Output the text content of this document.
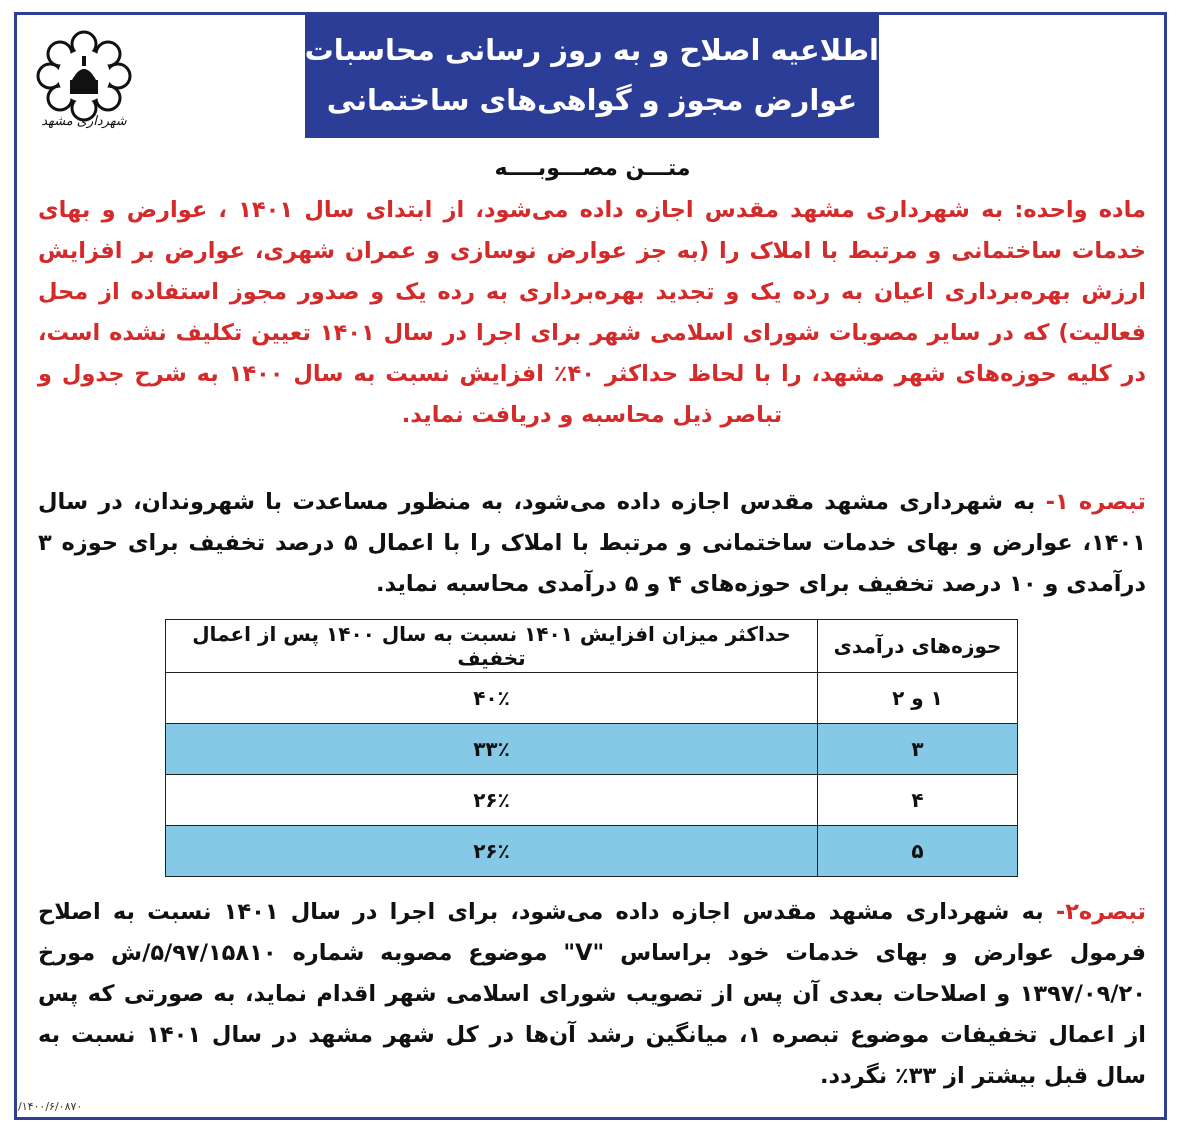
شهرداری مشهد
اطلاعیه اصلاح و به روز رسانی محاسبات
عوارض مجوز و گواهی‌های ساختمانی
متـــن مصـــوبــــه
ماده واحده: به شهرداری مشهد مقدس اجازه داده می‌شود، از ابتدای سال ۱۴۰۱ ، عوارض و بهای خدمات ساختمانی و مرتبط با املاک را (به جز عوارض نوسازی و عمران شهری، عوارض بر افزایش ارزش بهره‌برداری اعیان به رده یک و تجدید بهره‌برداری به رده یک و صدور مجوز استفاده از محل فعالیت) که در سایر مصوبات شورای اسلامی شهر برای اجرا در سال ۱۴۰۱ تعیین تکلیف نشده است، در کلیه حوزه‌های شهر مشهد، را با لحاظ حداکثر ۴۰٪ افزایش نسبت به سال ۱۴۰۰ به شرح جدول و تباصر ذیل محاسبه و دریافت نماید.
تبصره ۱- به شهرداری مشهد مقدس اجازه داده می‌شود، به منظور مساعدت با شهروندان، در سال ۱۴۰۱، عوارض و بهای خدمات ساختمانی و مرتبط با املاک را با اعمال ۵ درصد تخفیف برای حوزه ۳ درآمدی و ۱۰ درصد تخفیف برای حوزه‌های ۴ و ۵ درآمدی محاسبه نماید.
حوزه‌های درآمدی	حداکثر میزان افزایش ۱۴۰۱ نسبت به سال ۱۴۰۰ پس از اعمال تخفیف
۱ و ۲	۴۰٪
۳	۳۳٪
۴	۲۶٪
۵	۲۶٪
تبصره۲- به شهرداری مشهد مقدس اجازه داده می‌شود، برای اجرا در سال ۱۴۰۱ نسبت به اصلاح فرمول عوارض و بهای خدمات خود براساس "V" موضوع مصوبه شماره ۵/۹۷/۱۵۸۱۰/ش مورخ ۱۳۹۷/۰۹/۲۰ و اصلاحات بعدی آن پس از تصویب شورای اسلامی شهر اقدام نماید، به صورتی که پس از اعمال تخفیفات موضوع تبصره ۱، میانگین رشد آن‌ها در کل شهر مشهد در سال ۱۴۰۱ نسبت به سال قبل بیشتر از ۳۳٪ نگردد.
/۱۴۰۰/۶/۰۸۷۰
